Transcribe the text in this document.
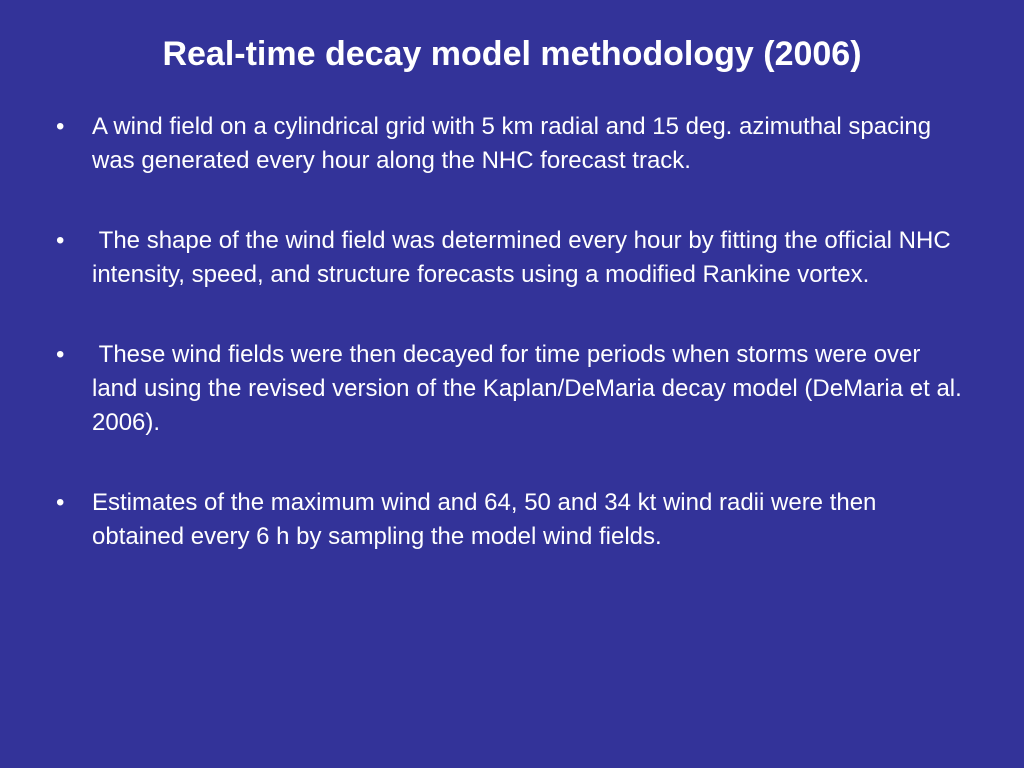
Real-time decay model methodology (2006)
•	A wind field on a cylindrical grid with 5 km radial and 15 deg. azimuthal spacing was generated every hour along the NHC forecast track.
•	The shape of the wind field was determined every hour by fitting the official NHC intensity, speed, and structure forecasts using a modified Rankine vortex.
•	These wind fields were then decayed for time periods when storms were over land using the revised version of the Kaplan/DeMaria decay model (DeMaria et al. 2006).
•	Estimates of the maximum wind and 64, 50 and 34 kt wind radii were then obtained every 6 h by sampling the model wind fields.
